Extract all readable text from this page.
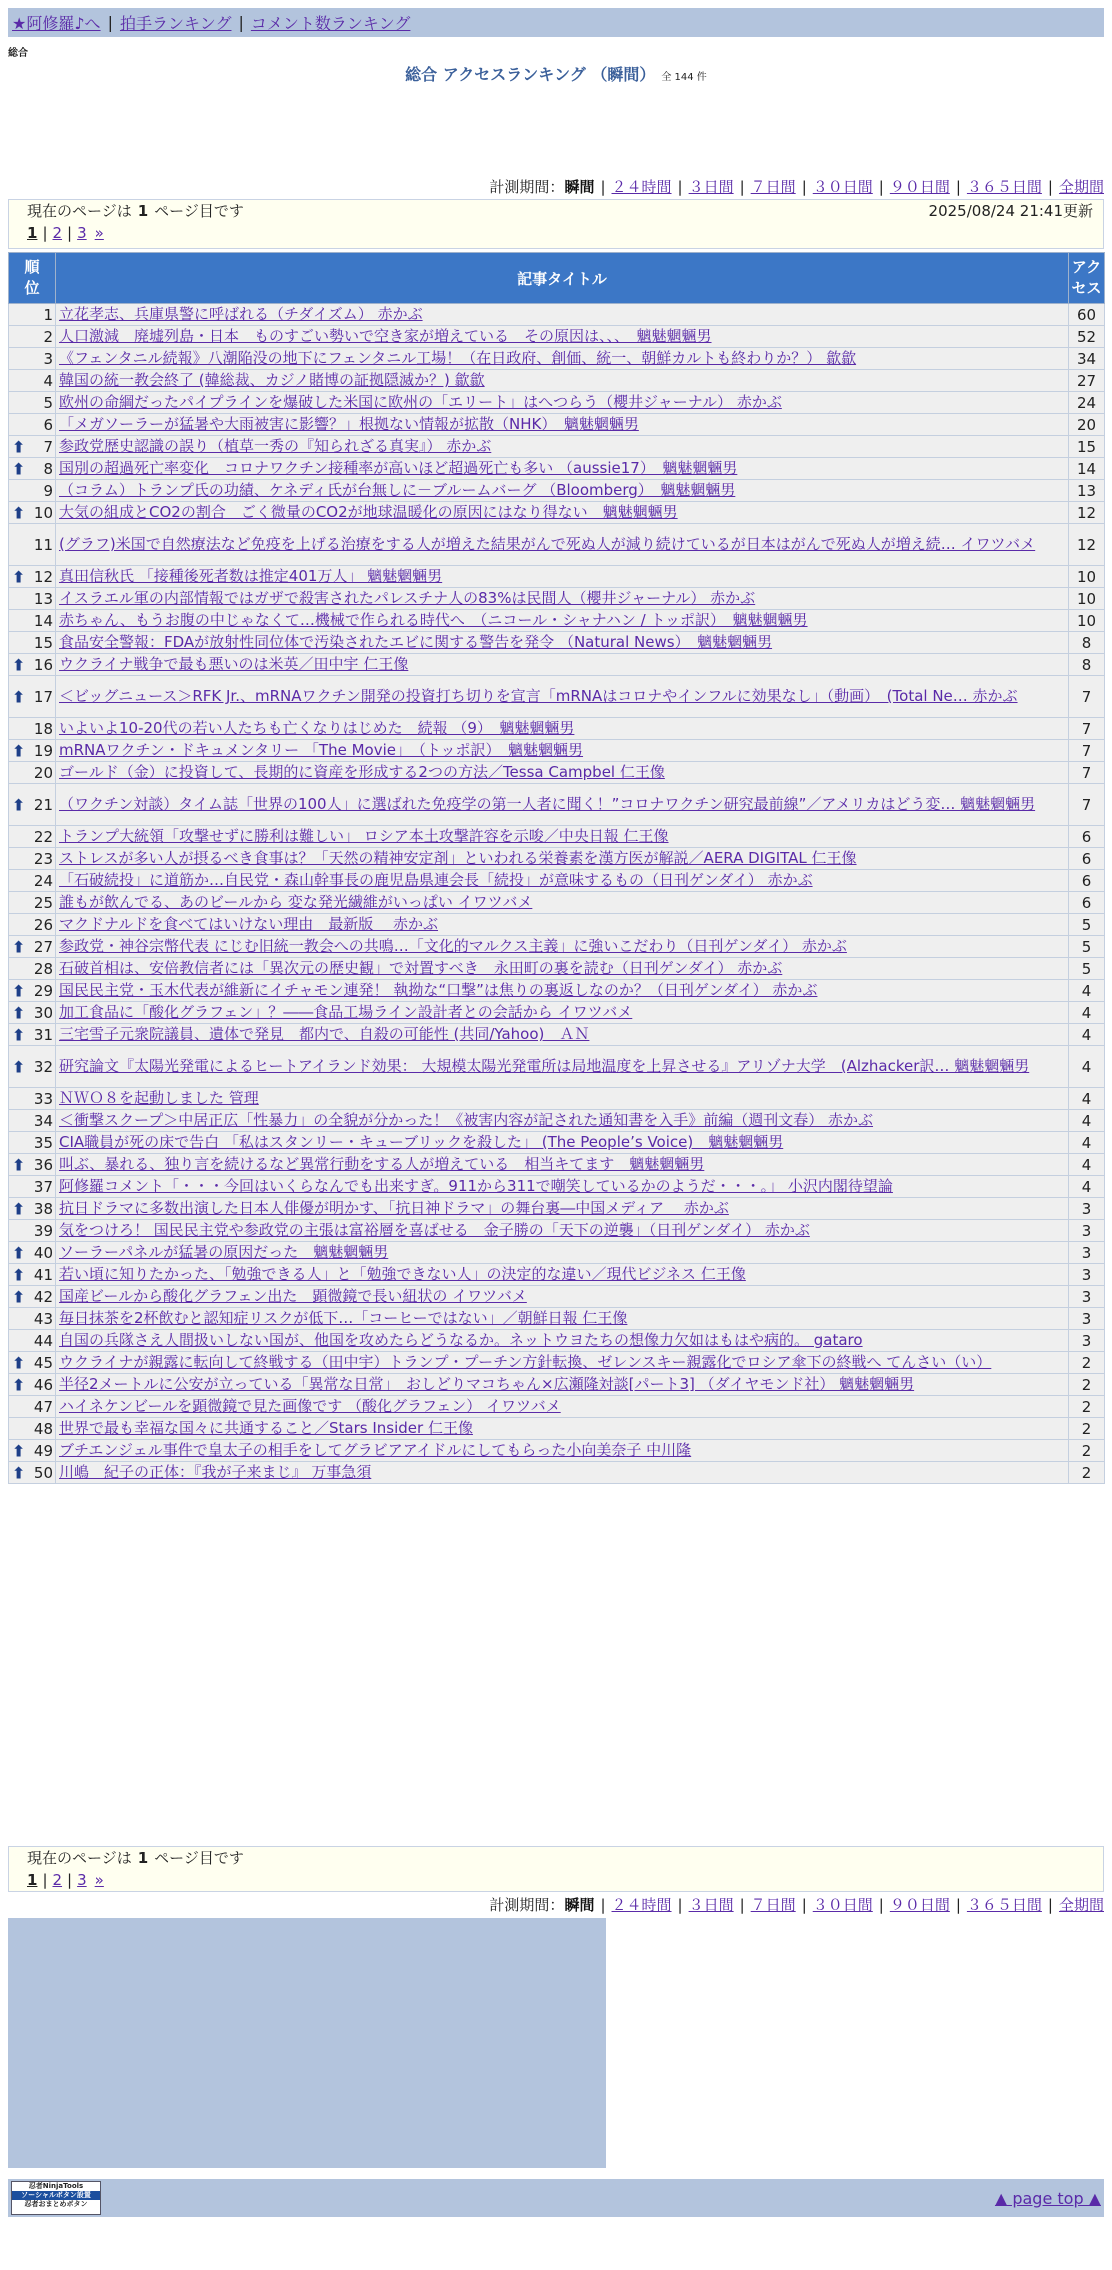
★阿修羅♪へ | 拍手ランキング | コメント数ランキング
総合
総合 アクセスランキング （瞬間） 全 144 件
計測期間：瞬間 | ２４時間 | ３日間 | ７日間 | ３０日間 | ９０日間 | ３６５日間 | 全期間
現在のページは 1 ページ目です	2025/08/24 21:41更新
1 | 2 | 3 »
順位	記事タイトル	アクセス
1	立花孝志、兵庫県警に呼ばれる（チダイズム） 赤かぶ	60
2	人口激減　廃墟列島・日本　ものすごい勢いで空き家が増えている　その原因は、、、　魑魅魍魎男	52
3	《フェンタニル続報》八潮陥没の地下にフェンタニル工場！（在日政府、創価、統一、朝鮮カルトも終わりか？） 歙歙	34
4	韓国の統一教会終了 (韓総裁、カジノ賭博の証拠隠滅か？) 歙歙	27
5	欧州の命綱だったパイプラインを爆破した米国に欧州の「エリート」はへつらう（櫻井ジャーナル） 赤かぶ	24
6	「メガソーラーが猛暑や大雨被害に影響？」根拠ない情報が拡散（NHK）　魑魅魍魎男	20

⬆ 7	参政党歴史認識の誤り（植草一秀の『知られざる真実』） 赤かぶ	15

⬆ 8	国別の超過死亡率変化　コロナワクチン接種率が高いほど超過死亡も多い （aussie17）　魑魅魍魎男	14
9	（コラム）トランプ氏の功績、ケネディ氏が台無しに－ブルームバーグ （Bloomberg）　魑魅魍魎男	13

⬆ 10	大気の組成とCO2の割合　ごく微量のCO2が地球温暖化の原因にはなり得ない　魑魅魍魎男	12
11	(グラフ)米国で自然療法など免疫を上げる治療をする人が増えた結果がんで死ぬ人が減り続けているが日本はがんで死ぬ人が増え続… イワツバメ	12

⬆ 12	真田信秋氏 「接種後死者数は推定401万人」 魑魅魍魎男	10
13	イスラエル軍の内部情報ではガザで殺害されたパレスチナ人の83%は民間人（櫻井ジャーナル） 赤かぶ	10
14	赤ちゃん、もうお腹の中じゃなくて…機械で作られる時代へ　（ニコール・シャナハン / トッポ訳）　魑魅魍魎男	10
15	食品安全警報：FDAが放射性同位体で汚染されたエビに関する警告を発令 （Natural News）　魑魅魍魎男	8

⬆ 16	ウクライナ戦争で最も悪いのは米英／田中宇 仁王像	8

⬆ 17	＜ビッグニュース＞RFK Jr.、mRNAワクチン開発の投資打ち切りを宣言「mRNAはコロナやインフルに効果なし」（動画）　(Total Ne… 赤かぶ	7
18	いよいよ10-20代の若い人たちも亡くなりはじめた　続報 （9）　魑魅魍魎男	7

⬆ 19	mRNAワクチン・ドキュメンタリー 「The Movie」　（トッポ訳）　魑魅魍魎男	7
20	ゴールド（金）に投資して、長期的に資産を形成する2つの方法／Tessa Campbel 仁王像	7

⬆ 21	（ワクチン対談）タイム誌「世界の100人」に選ばれた免疫学の第一人者に聞く！”コロナワクチン研究最前線”／アメリカはどう変… 魑魅魍魎男	7
22	トランプ大統領「攻撃せずに勝利は難しい」 ロシア本土攻撃許容を示唆／中央日報 仁王像	6
23	ストレスが多い人が摂るべき食事は？「天然の精神安定剤」といわれる栄養素を漢方医が解説／AERA DIGITAL 仁王像	6
24	「石破続投」に道筋か…自民党・森山幹事長の鹿児島県連会長「続投」が意味するもの（日刊ゲンダイ） 赤かぶ	6
25	誰もが飲んでる、あのビールから 変な発光繊維がいっぱい イワツバメ	6
26	マクドナルドを食べてはいけない理由　最新版　 赤かぶ	5

⬆ 27	参政党・神谷宗幣代表 にじむ旧統一教会への共鳴…「文化的マルクス主義」に強いこだわり（日刊ゲンダイ） 赤かぶ	5
28	石破首相は、安倍教信者には「異次元の歴史観」で対置すべき　永田町の裏を読む（日刊ゲンダイ） 赤かぶ	5

⬆ 29	国民民主党・玉木代表が維新にイチャモン連発！ 執拗な“口撃”は焦りの裏返しなのか？（日刊ゲンダイ） 赤かぶ	4

⬆ 30	加工食品に「酸化グラフェン」？――食品工場ライン設計者との会話から イワツバメ	4

⬆ 31	三宅雪子元衆院議員、遺体で発見　都内で、自殺の可能性 (共同/Yahoo)　ＡＮ	4

⬆ 32	研究論文『太陽光発電によるヒートアイランド効果： 大規模太陽光発電所は局地温度を上昇させる』アリゾナ大学　(Alzhacker訳… 魑魅魍魎男	4
33	ＮＷＯ８を起動しました 管理	4
34	＜衝撃スクープ＞中居正広「性暴力」の全貌が分かった！《被害内容が記された通知書を入手》前編（週刊文春） 赤かぶ	4
35	CIA職員が死の床で告白 「私はスタンリー・キューブリックを殺した」 (The People’s Voice)　魑魅魍魎男	4

⬆ 36	叫ぶ、暴れる、独り言を続けるなど異常行動をする人が増えている　相当キてます　魑魅魍魎男	4
37	阿修羅コメント「・・・今回はいくらなんでも出来すぎ。911から311で嘲笑しているかのようだ・・・。」 小沢内閣待望論	4

⬆ 38	抗日ドラマに多数出演した日本人俳優が明かす、「抗日神ドラマ」の舞台裏―中国メディア　 赤かぶ	3
39	気をつけろ！ 国民民主党や参政党の主張は富裕層を喜ばせる　金子勝の「天下の逆襲」（日刊ゲンダイ） 赤かぶ	3

⬆ 40	ソーラーパネルが猛暑の原因だった　魑魅魍魎男	3

⬆ 41	若い頃に知りたかった、「勉強できる人」と「勉強できない人」の決定的な違い／現代ビジネス 仁王像	3

⬆ 42	国産ビールから酸化グラフェン出た　顕微鏡で長い紐状の イワツバメ	3
43	毎日抹茶を2杯飲むと認知症リスクが低下…「コーヒーではない」／朝鮮日報 仁王像	3
44	自国の兵隊さえ人間扱いしない国が、他国を攻めたらどうなるか。ネットウヨたちの想像力欠如はもはや病的。 gataro	3

⬆ 45	ウクライナが親露に転向して終戦する（田中宇）トランプ・プーチン方針転換、ゼレンスキー親露化でロシア傘下の終戦へ てんさい（い）	2

⬆ 46	半径2メートルに公安が立っている「異常な日常」　おしどりマコちゃん×広瀬隆対談[パート3] （ダイヤモンド社） 魑魅魍魎男	2
47	ハイネケンビールを顕微鏡で見た画像です （酸化グラフェン） イワツバメ	2
48	世界で最も幸福な国々に共通すること／Stars Insider 仁王像	2

⬆ 49	ブチエンジェル事件で皇太子の相手をしてグラビアアイドルにしてもらった小向美奈子 中川隆	2

⬆ 50	川嶋　紀子の正体：『我が子来まじ』 万事急須	2
現在のページは 1 ページ目です
1 | 2 | 3 »
計測期間：瞬間 | ２４時間 | ３日間 | ７日間 | ３０日間 | ９０日間 | ３６５日間 | 全期間
忍者NinjaTools
ソーシャルボタン設置
忍者おまとめボタン	▲ page top ▲
